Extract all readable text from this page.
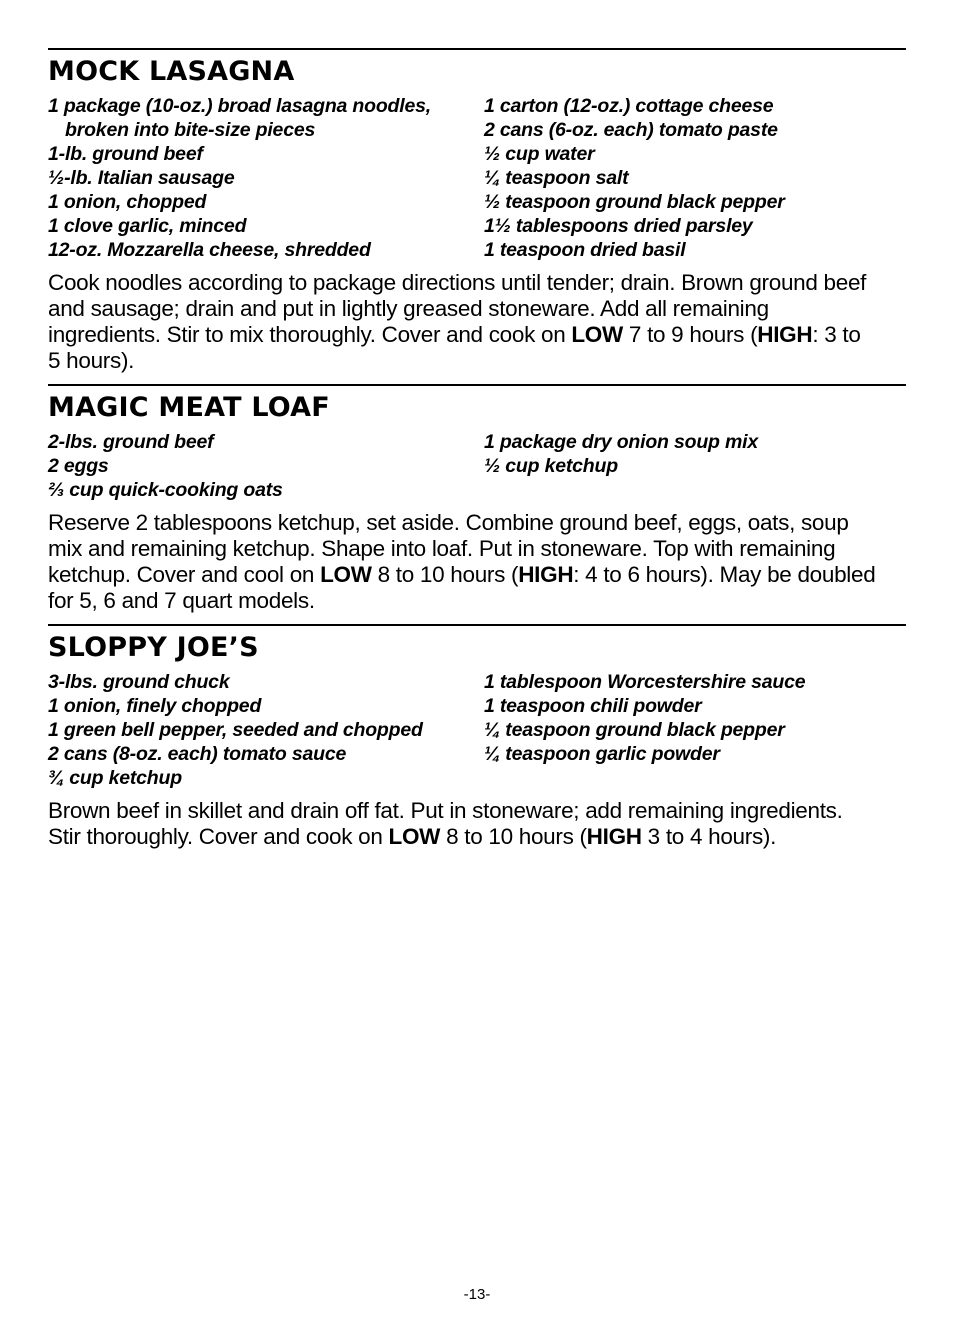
MOCK LASAGNA
1 package (10-oz.) broad lasagna noodles,
broken into bite-size pieces
1-lb. ground beef
½-lb. Italian sausage
1 onion, chopped
1 clove garlic, minced
12-oz. Mozzarella cheese, shredded
1 carton (12-oz.) cottage cheese
2 cans (6-oz. each) tomato paste
½ cup water
¼ teaspoon salt
½ teaspoon ground black pepper
1½ tablespoons dried parsley
1 teaspoon dried basil

Cook noodles according to package directions until tender; drain. Brown ground beef and sausage; drain and put in lightly greased stoneware. Add all remaining ingredients. Stir to mix thoroughly. Cover and cook on LOW 7 to 9 hours (HIGH: 3 to 5 hours).

MAGIC MEAT LOAF
2-lbs. ground beef
2 eggs
⅔ cup quick-cooking oats
1 package dry onion soup mix
½ cup ketchup

Reserve 2 tablespoons ketchup, set aside. Combine ground beef, eggs, oats, soup mix and remaining ketchup. Shape into loaf. Put in stoneware. Top with remaining ketchup. Cover and cool on LOW 8 to 10 hours (HIGH: 4 to 6 hours). May be doubled for 5, 6 and 7 quart models.

SLOPPY JOE’S
3-lbs. ground chuck
1 onion, finely chopped
1 green bell pepper, seeded and chopped
2 cans (8-oz. each) tomato sauce
¾ cup ketchup
1 tablespoon Worcestershire sauce
1 teaspoon chili powder
¼ teaspoon ground black pepper
¼ teaspoon garlic powder

Brown beef in skillet and drain off fat. Put in stoneware; add remaining ingredients. Stir thoroughly. Cover and cook on LOW 8 to 10 hours (HIGH 3 to 4 hours).

-13-
